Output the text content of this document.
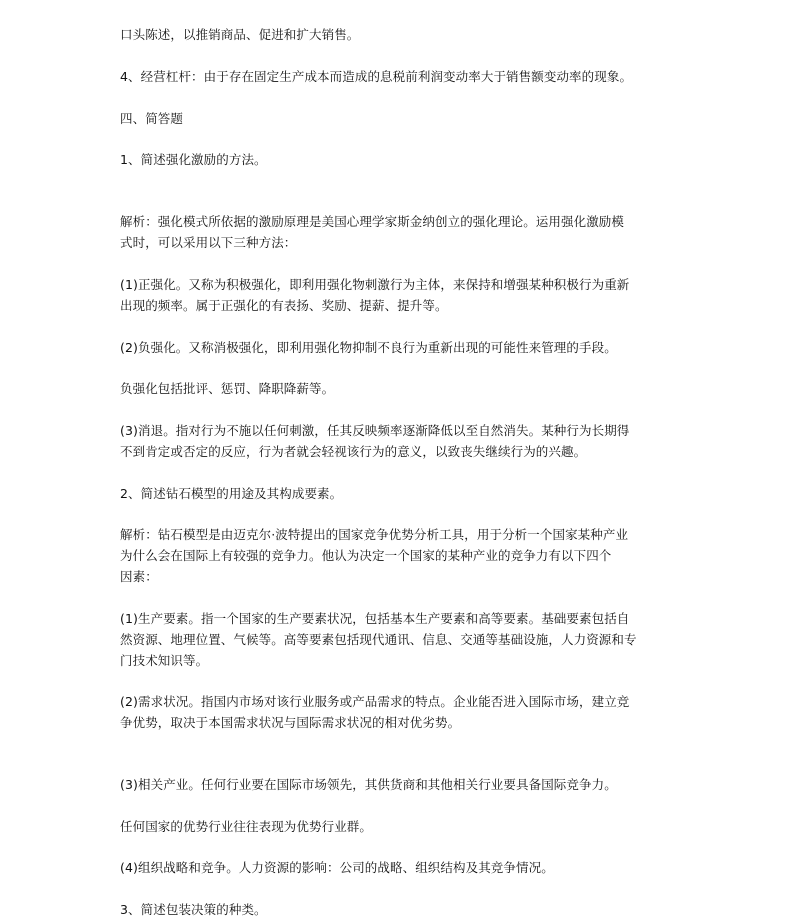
口头陈述，以推销商品、促进和扩大销售。
4、经营杠杆：由于存在固定生产成本而造成的息税前利润变动率大于销售额变动率的现象。
四、简答题
1、简述强化激励的方法。
解析：强化模式所依据的激励原理是美国心理学家斯金纳创立的强化理论。运用强化激励模
式时，可以采用以下三种方法：
(1)正强化。又称为积极强化，即利用强化物刺激行为主体，来保持和增强某种积极行为重新
出现的频率。属于正强化的有表扬、奖励、提薪、提升等。
(2)负强化。又称消极强化，即利用强化物抑制不良行为重新出现的可能性来管理的手段。
负强化包括批评、惩罚、降职降薪等。
(3)消退。指对行为不施以任何刺激，任其反映频率逐渐降低以至自然消失。某种行为长期得
不到肯定或否定的反应，行为者就会轻视该行为的意义，以致丧失继续行为的兴趣。
2、简述钻石模型的用途及其构成要素。
解析：钻石模型是由迈克尔·波特提出的国家竞争优势分析工具，用于分析一个国家某种产业
为什么会在国际上有较强的竞争力。他认为决定一个国家的某种产业的竞争力有以下四个
因素：
(1)生产要素。指一个国家的生产要素状况，包括基本生产要素和高等要素。基础要素包括自
然资源、地理位置、气候等。高等要素包括现代通讯、信息、交通等基础设施，人力资源和专
门技术知识等。
(2)需求状况。指国内市场对该行业服务或产品需求的特点。企业能否进入国际市场，建立竞
争优势，取决于本国需求状况与国际需求状况的相对优劣势。
(3)相关产业。任何行业要在国际市场领先，其供货商和其他相关行业要具备国际竞争力。
任何国家的优势行业往往表现为优势行业群。
(4)组织战略和竞争。人力资源的影响：公司的战略、组织结构及其竞争情况。
3、简述包装决策的种类。
